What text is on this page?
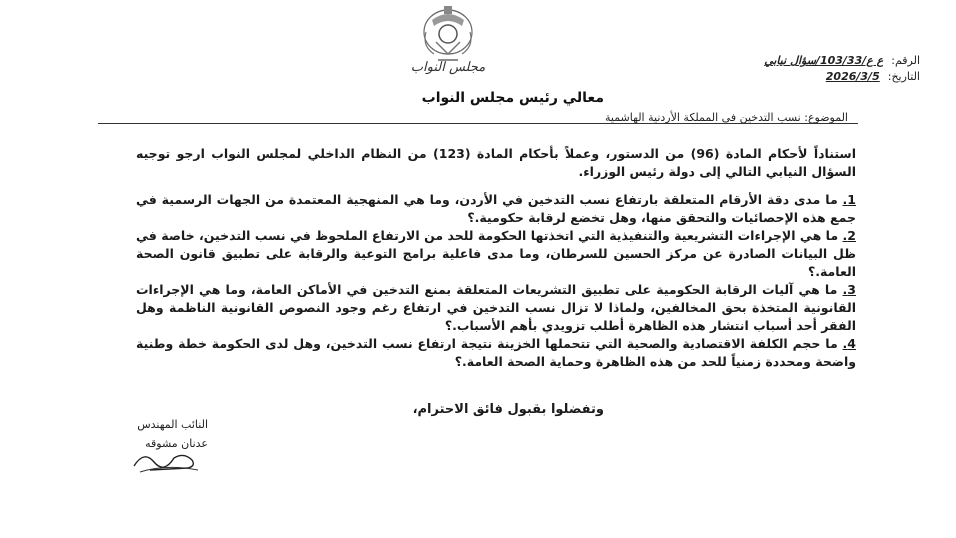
مجلس النواب	الرقم:ع ع/103/33/سؤال نيابي
التاريخ:2026/3/5
معالي رئيس مجلس النواب
الموضوع: نسب التدخين في المملكة الأردنية الهاشمية

استناداً لأحكام المادة (96) من الدستور، وعملاً بأحكام المادة (123) من النظام الداخلي لمجلس النواب ارجو توجيه السؤال النيابي التالي إلى دولة رئيس الوزراء.

1. ما مدى دقة الأرقام المتعلقة بارتفاع نسب التدخين في الأردن، وما هي المنهجية المعتمدة من الجهات الرسمية في جمع هذه الإحصائيات والتحقق منها، وهل تخضع لرقابة حكومية.؟

2. ما هي الإجراءات التشريعية والتنفيذية التي اتخذتها الحكومة للحد من الارتفاع الملحوظ في نسب التدخين، خاصة في ظل البيانات الصادرة عن مركز الحسين للسرطان، وما مدى فاعلية برامج التوعية والرقابة على تطبيق قانون الصحة العامة.؟

3. ما هي آليات الرقابة الحكومية على تطبيق التشريعات المتعلقة بمنع التدخين في الأماكن العامة، وما هي الإجراءات القانونية المتخذة بحق المخالفين، ولماذا لا تزال نسب التدخين في ارتفاع رغم وجود النصوص القانونية الناظمة وهل الفقر أحد أسباب انتشار هذه الظاهرة أطلب تزويدي بأهم الأسباب.؟

4. ما حجم الكلفة الاقتصادية والصحية التي تتحملها الخزينة نتيجة ارتفاع نسب التدخين، وهل لدى الحكومة خطة وطنية واضحة ومحددة زمنياً للحد من هذه الظاهرة وحماية الصحة العامة.؟

وتفضلوا بقبول فائق الاحترام،
النائب المهندس
عدنان مشوقه
